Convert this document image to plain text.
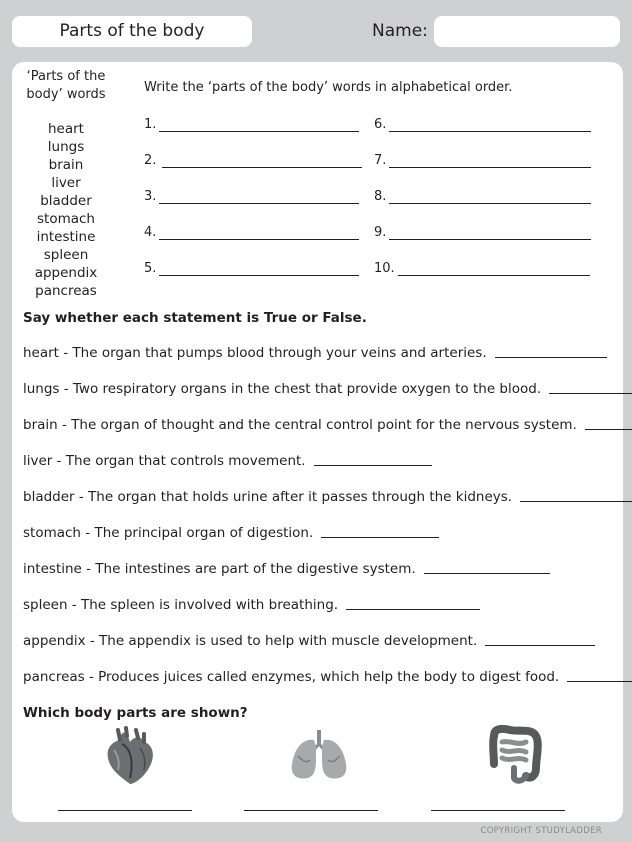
Parts of the body	Name:
‘Parts of the body’ words
heart
lungs
brain
liver
bladder
stomach
intestine
spleen
appendix
pancreas
Write the ‘parts of the body’ words in alphabetical order.
1.
2.
3.
4.
5.
6.
7.
8.
9.
10.
Say whether each statement is True or False.
heart - The organ that pumps blood through your veins and arteries.
lungs - Two respiratory organs in the chest that provide oxygen to the blood.
brain - The organ of thought and the central control point for the nervous system.
liver - The organ that controls movement.
bladder - The organ that holds urine after it passes through the kidneys.
stomach - The principal organ of digestion.
intestine - The intestines are part of the digestive system.
spleen - The spleen is involved with breathing.
appendix - The appendix is used to help with muscle development.
pancreas - Produces juices called enzymes, which help the body to digest food.
Which body parts are shown?
COPYRIGHT STUDYLADDER
